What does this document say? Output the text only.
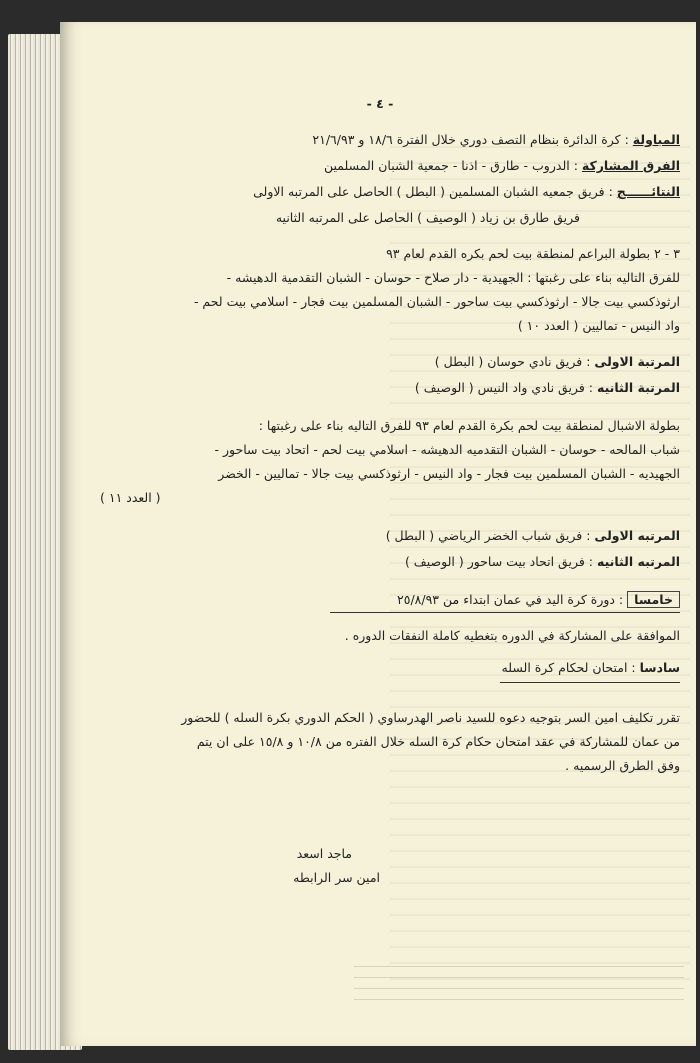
- ٤ -
المباولة : كرة الدائرة بنظام التصف دوري خلال الفترة ١٨/٦ و ٢١/٦/٩٣
الفرق المشاركة : الدروب - طارق - اذنا - جمعية الشبان المسلمين
النتائــــــج : فريق جمعيه الشبان المسلمين ( البطل ) الحاصل على المرتبه الاولى
فريق طارق بن زياد ( الوصيف ) الحاصل على المرتبه الثانيه
٣ - ٢ بطولة البراعم لمنطقة بيت لحم بكره القدم لعام ٩٣
للفرق التاليه بناء على رغبتها : الجهيدية - دار صلاح - حوسان - الشبان التقدمية الدهيشه -
ارثوذكسي بيت جالا - ارثوذكسي بيت ساحور - الشبان المسلمين بيت فجار - اسلامي بيت لحم -
واد النيس - تماليين ( العدد ١٠ )
المرتبة الاولى : فريق نادي حوسان ( البطل )
المرتبة الثانيه : فريق نادي واد النيس ( الوصيف )
بطولة الاشبال لمنطقة بيت لحم بكرة القدم لعام ٩٣ للفرق التاليه بناء على رغبتها :
شباب المالحه - حوسان - الشبان التقدميه الدهيشه - اسلامي بيت لحم - اتحاد بيت ساحور -
الجهيديه - الشبان المسلمين بيت فجار - واد النيس - ارثوذكسي بيت جالا - تماليين - الخضر
( العدد ١١ )
المرتبه الاولى : فريق شباب الخضر الرياضي ( البطل )
المرتبه الثانيه : فريق اتحاد بيت ساحور ( الوصيف )
خامسا : دورة كرة اليد في عمان ابتداء من ٢٥/٨/٩٣
الموافقة على المشاركة في الدوره بتغطيه كاملة النفقات الدوره .
سادسا : امتحان لحكام كرة السله
تقرر تكليف امين السر بتوجيه دعوه للسيد ناصر الهدرساوي ( الحكم الدوري بكرة السله ) للحضور
من عمان للمشاركة في عقد امتحان حكام كرة السله خلال الفتره من ١٠/٨ و ١٥/٨ على ان يتم
وفق الطرق الرسميه .
ماجد اسعد
امين سر الرابطه
